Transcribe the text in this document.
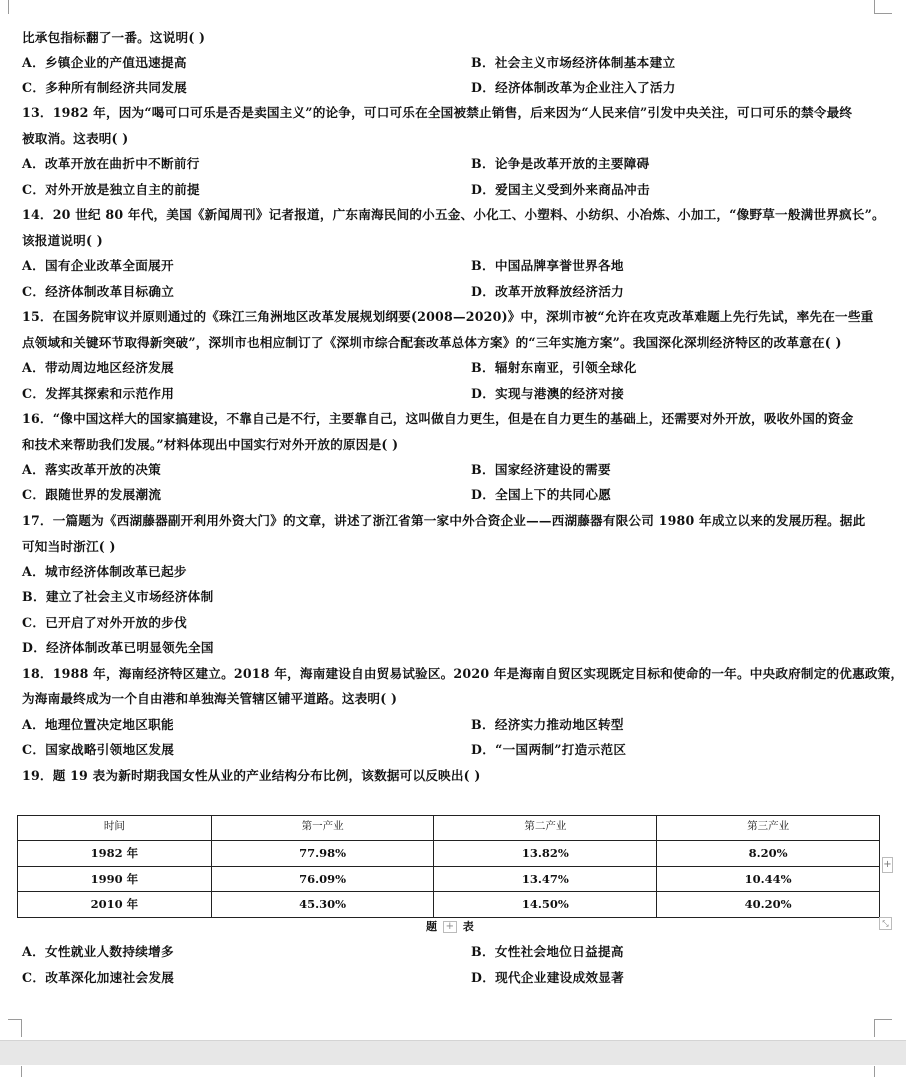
比承包指标翻了一番。这说明( )
A．乡镇企业的产值迅速提高	B．社会主义市场经济体制基本建立
C．多种所有制经济共同发展	D．经济体制改革为企业注入了活力
13．1982 年，因为“喝可口可乐是否是卖国主义”的论争，可口可乐在全国被禁止销售，后来因为“人民来信”引发中央关注，可口可乐的禁令最终
被取消。这表明( )
A．改革开放在曲折中不断前行	B．论争是改革开放的主要障碍
C．对外开放是独立自主的前提	D．爱国主义受到外来商品冲击
14．20 世纪 80 年代，美国《新闻周刊》记者报道，广东南海民间的小五金、小化工、小塑料、小纺织、小冶炼、小加工，“像野草一般满世界疯长”。
该报道说明( )
A．国有企业改革全面展开	B．中国品牌享誉世界各地
C．经济体制改革目标确立	D．改革开放释放经济活力
15．在国务院审议并原则通过的《珠江三角洲地区改革发展规划纲要(2008—2020)》中，深圳市被“允许在攻克改革难题上先行先试，率先在一些重
点领域和关键环节取得新突破”，深圳市也相应制订了《深圳市综合配套改革总体方案》的“三年实施方案”。我国深化深圳经济特区的改革意在( )
A．带动周边地区经济发展	B．辐射东南亚，引领全球化
C．发挥其探索和示范作用	D．实现与港澳的经济对接
16．“像中国这样大的国家搞建设，不靠自己是不行，主要靠自己，这叫做自力更生，但是在自力更生的基础上，还需要对外开放，吸收外国的资金
和技术来帮助我们发展。”材料体现出中国实行对外开放的原因是( )
A．落实改革开放的决策	B．国家经济建设的需要
C．跟随世界的发展潮流	D．全国上下的共同心愿
17．一篇题为《西湖藤器副开利用外资大门》的文章，讲述了浙江省第一家中外合资企业——西湖藤器有限公司 1980 年成立以来的发展历程。据此
可知当时浙江( )
A．城市经济体制改革已起步
B．建立了社会主义市场经济体制
C．已开启了对外开放的步伐
D．经济体制改革已明显领先全国
18．1988 年，海南经济特区建立。2018 年，海南建设自由贸易试验区。2020 年是海南自贸区实现既定目标和使命的一年。中央政府制定的优惠政策，
为海南最终成为一个自由港和单独海关管辖区铺平道路。这表明( )
A．地理位置决定地区职能	B．经济实力推动地区转型
C．国家战略引领地区发展	D．“一国两制”打造示范区
19．题 19 表为新时期我国女性从业的产业结构分布比例，该数据可以反映出( )
时间	第一产业	第二产业	第三产业
1982 年	77.98%	13.82%	8.20%
1990 年	76.09%	13.47%	10.44%
2010 年	45.30%	14.50%	40.20%
+
⤡
题 + 表
A．女性就业人数持续增多	B．女性社会地位日益提高
C．改革深化加速社会发展	D．现代企业建设成效显著
